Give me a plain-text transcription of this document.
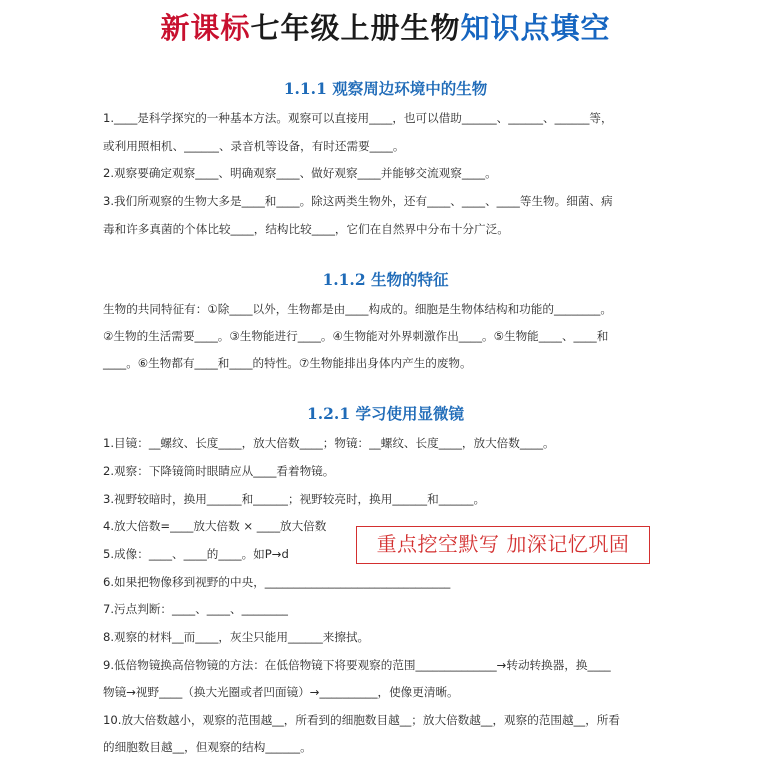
新课标七年级上册生物知识点填空
1.1.1 观察周边环境中的生物
1.____是科学探究的一种基本方法。观察可以直接用____，也可以借助______、______、______等，
或利用照相机、______、录音机等设备，有时还需要____。
2.观察要确定观察____、明确观察____、做好观察____并能够交流观察____。
3.我们所观察的生物大多是____和____。除这两类生物外，还有____、____、____等生物。细菌、病
毒和许多真菌的个体比较____，结构比较____，它们在自然界中分布十分广泛。
1.1.2 生物的特征
生物的共同特征有：①除____以外，生物都是由____构成的。细胞是生物体结构和功能的________。
②生物的生活需要____。③生物能进行____。④生物能对外界刺激作出____。⑤生物能____、____和
____。⑥生物都有____和____的特性。⑦生物能排出身体内产生的废物。
1.2.1 学习使用显微镜
1.目镜：__螺纹、长度____，放大倍数____；物镜：__螺纹、长度____，放大倍数____。
2.观察：下降镜筒时眼睛应从____看着物镜。
3.视野较暗时，换用______和______；视野较亮时，换用______和______。
4.放大倍数=____放大倍数 × ____放大倍数
5.成像：____、____的____。如P→d
6.如果把物像移到视野的中央，________________________________
7.污点判断：____、____、________
8.观察的材料__而____，灰尘只能用______来擦拭。
9.低倍物镜换高倍物镜的方法：在低倍物镜下将要观察的范围______________→转动转换器，换____
物镜→视野____（换大光圈或者凹面镜）→__________，使像更清晰。
10.放大倍数越小，观察的范围越__，所看到的细胞数目越__；放大倍数越__，观察的范围越__，所看
的细胞数目越__，但观察的结构______。
重点挖空默写 加深记忆巩固
